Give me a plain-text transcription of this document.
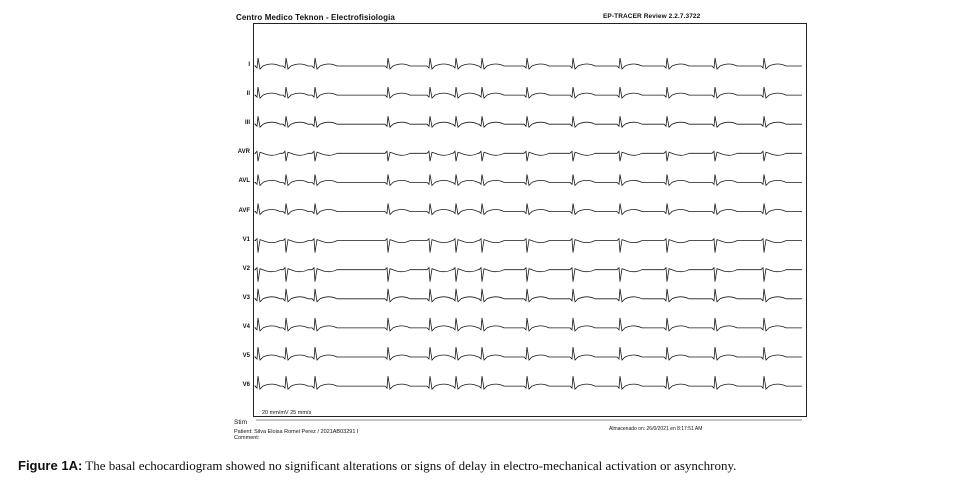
Centro Medico Teknon - Electrofisiologia	EP-TRACER Review 2.2.7.3722
I
II
III
AVR
AVL
AVF
V1
V2
V3
V4
V5
V6
20 mm/mV 25 mm/s
Stim
Patient: Silva Eloisa Romel Perez / 2021AB03291 I
Comment:
Almacenado on: 26/0/2021 en 8:17:51 AM
Figure 1A: The basal echocardiogram showed no significant alterations or signs of delay in electro-mechanical activation or asynchrony.
